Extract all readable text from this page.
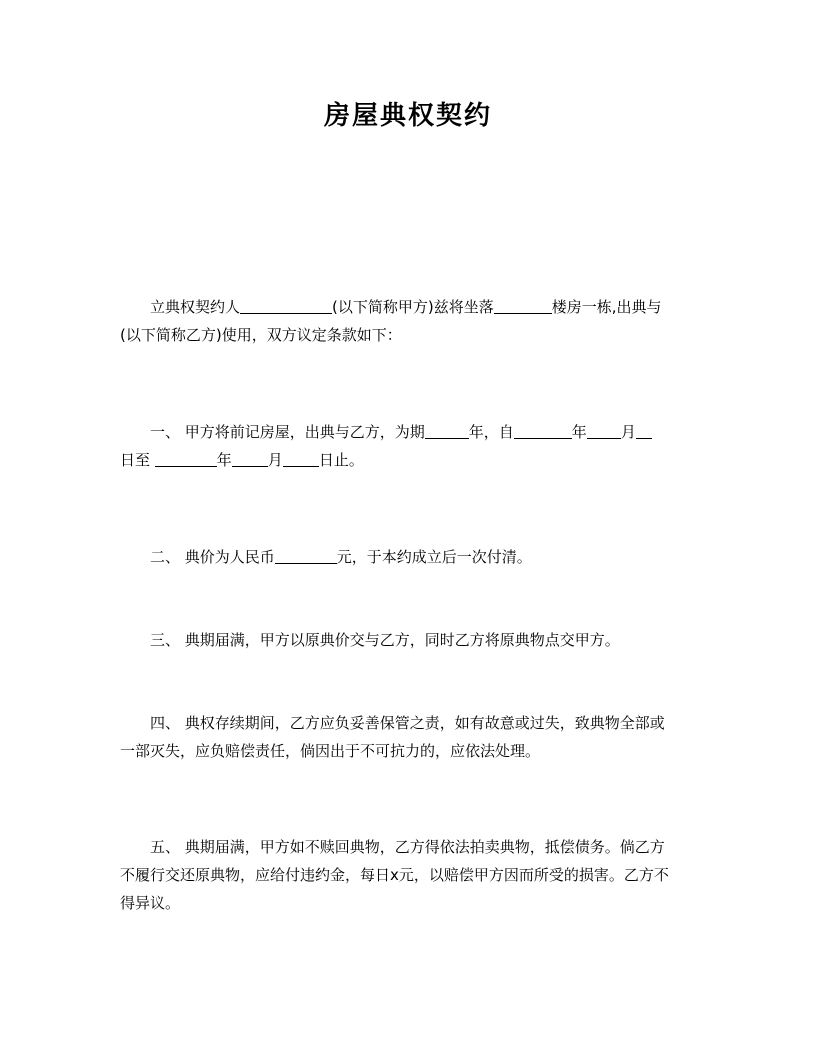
房屋典权契约
立典权契约人	(以下简称甲方)兹将坐落	楼房一栋,出典与
(以下简称乙方)使用，双方议定条款如下：
一、 甲方将前记房屋，出典与乙方，为期	年，自	年 月
日至	年 月 日止。
二、 典价为人民币	元，于本约成立后一次付清。
三、 典期届满，甲方以原典价交与乙方，同时乙方将原典物点交甲方。
四、 典权存续期间，乙方应负妥善保管之责，如有故意或过失，致典物全部或
一部灭失，应负赔偿责任，倘因出于不可抗力的，应依法处理。
五、 典期届满，甲方如不赎回典物，乙方得依法拍卖典物，抵偿债务。倘乙方
不履行交还原典物，应给付违约金，每日x元，以赔偿甲方因而所受的损害。乙方不
得异议。
